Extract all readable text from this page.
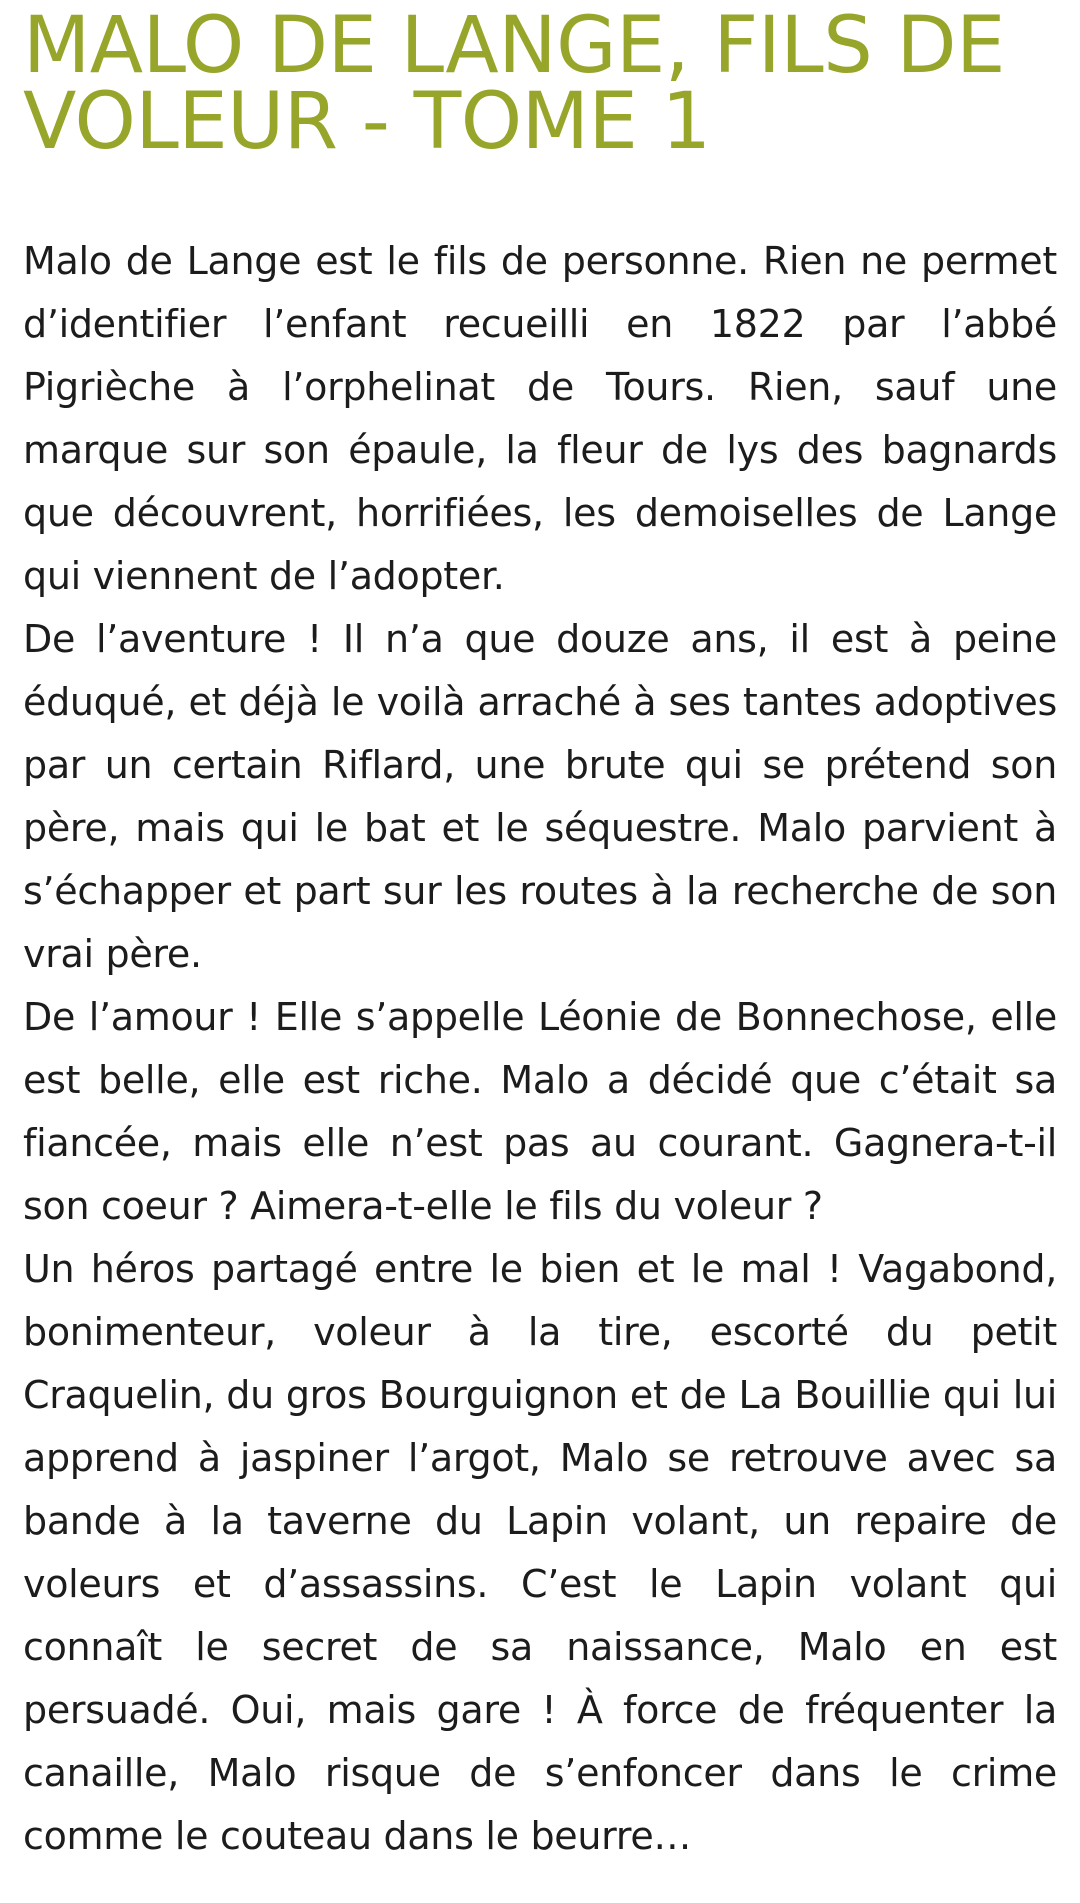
MALO DE LANGE, FILS DE VOLEUR - TOME 1

Malo de Lange est le fils de personne. Rien ne permet d’identifier l’enfant recueilli en 1822 par l’abbé Pigrièche à l’orphelinat de Tours. Rien, sauf une marque sur son épaule, la fleur de lys des bagnards que découvrent, horrifiées, les demoiselles de Lange qui viennent de l’adopter.

De l’aventure ! Il n’a que douze ans, il est à peine éduqué, et déjà le voilà arraché à ses tantes adoptives par un certain Riflard, une brute qui se prétend son père, mais qui le bat et le séquestre. Malo parvient à s’échapper et part sur les routes à la recherche de son vrai père.

De l’amour ! Elle s’appelle Léonie de Bonnechose, elle est belle, elle est riche. Malo a décidé que c’était sa fiancée, mais elle n’est pas au courant. Gagnera-t-il son coeur ? Aimera-t-elle le fils du voleur ?

Un héros partagé entre le bien et le mal ! Vagabond, bonimenteur, voleur à la tire, escorté du petit Craquelin, du gros Bourguignon et de La Bouillie qui lui apprend à jaspiner l’argot, Malo se retrouve avec sa bande à la taverne du Lapin volant, un repaire de voleurs et d’assassins. C’est le Lapin volant qui connaît le secret de sa naissance, Malo en est persuadé. Oui, mais gare ! À force de fréquenter la canaille, Malo risque de s’enfoncer dans le crime comme le couteau dans le beurre…
